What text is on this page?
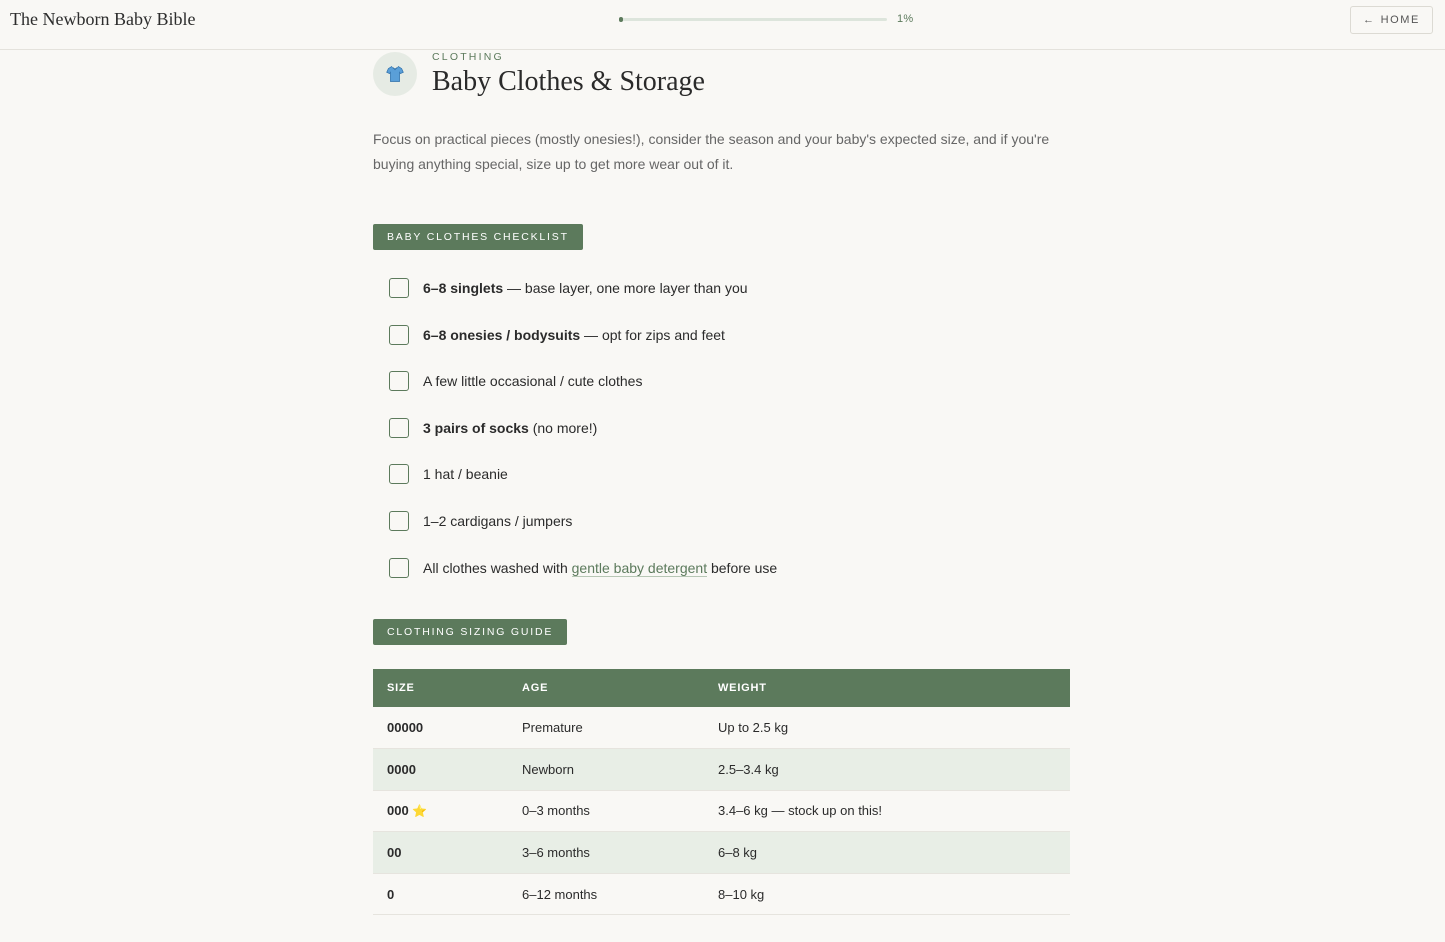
The Newborn Baby Bible	1%	← HOME
CLOTHING
Baby Clothes & Storage

Focus on practical pieces (mostly onesies!), consider the season and your baby's expected size, and if you're buying anything special, size up to get more wear out of it.

BABY CLOTHES CHECKLIST
6–8 singlets — base layer, one more layer than you
6–8 onesies / bodysuits — opt for zips and feet
A few little occasional / cute clothes
3 pairs of socks (no more!)
1 hat / beanie
1–2 cardigans / jumpers
All clothes washed with gentle baby detergent before use
CLOTHING SIZING GUIDE
SIZE	AGE	WEIGHT
00000	Premature	Up to 2.5 kg
0000	Newborn	2.5–3.4 kg
000 ⭐	0–3 months	3.4–6 kg — stock up on this!
00	3–6 months	6–8 kg
0	6–12 months	8–10 kg
